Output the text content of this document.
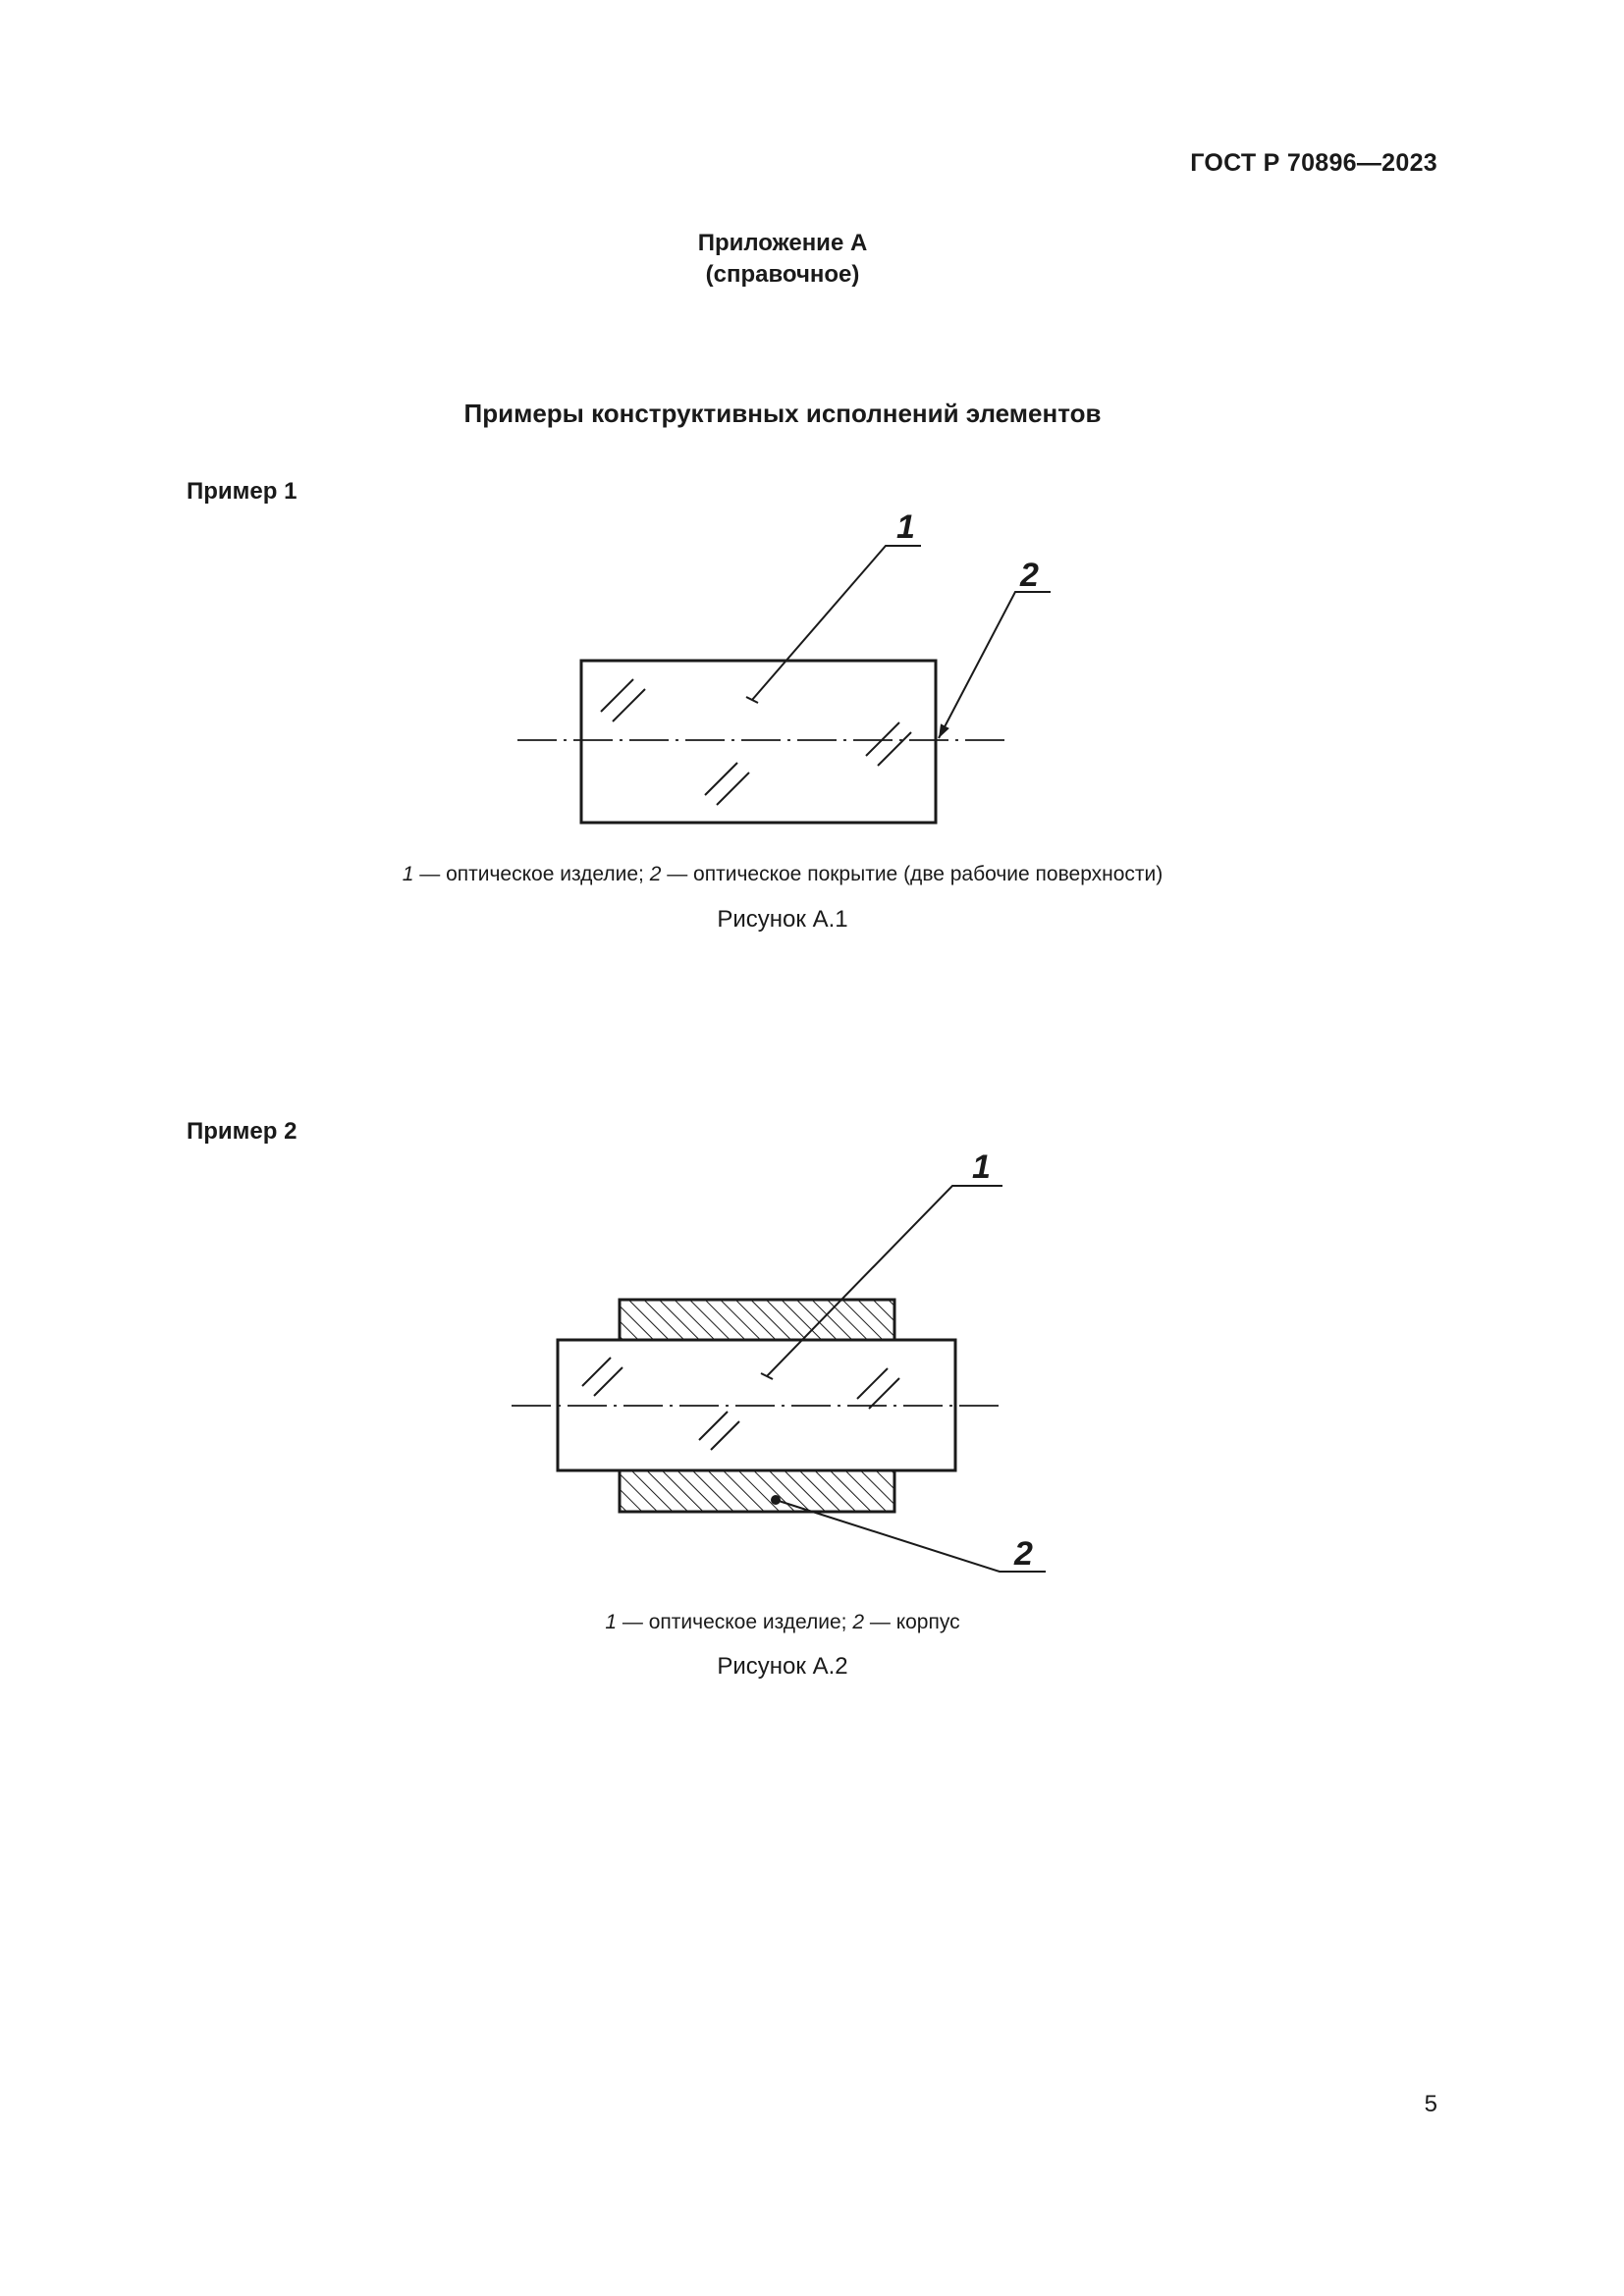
ГОСТ Р 70896—2023
Приложение А
(справочное)
Примеры конструктивных исполнений элементов
Пример 1
1
2
1 — оптическое изделие; 2 — оптическое покрытие (две рабочие поверхности)
Рисунок А.1
Пример 2
1
2
1 — оптическое изделие; 2 — корпус
Рисунок А.2
5
